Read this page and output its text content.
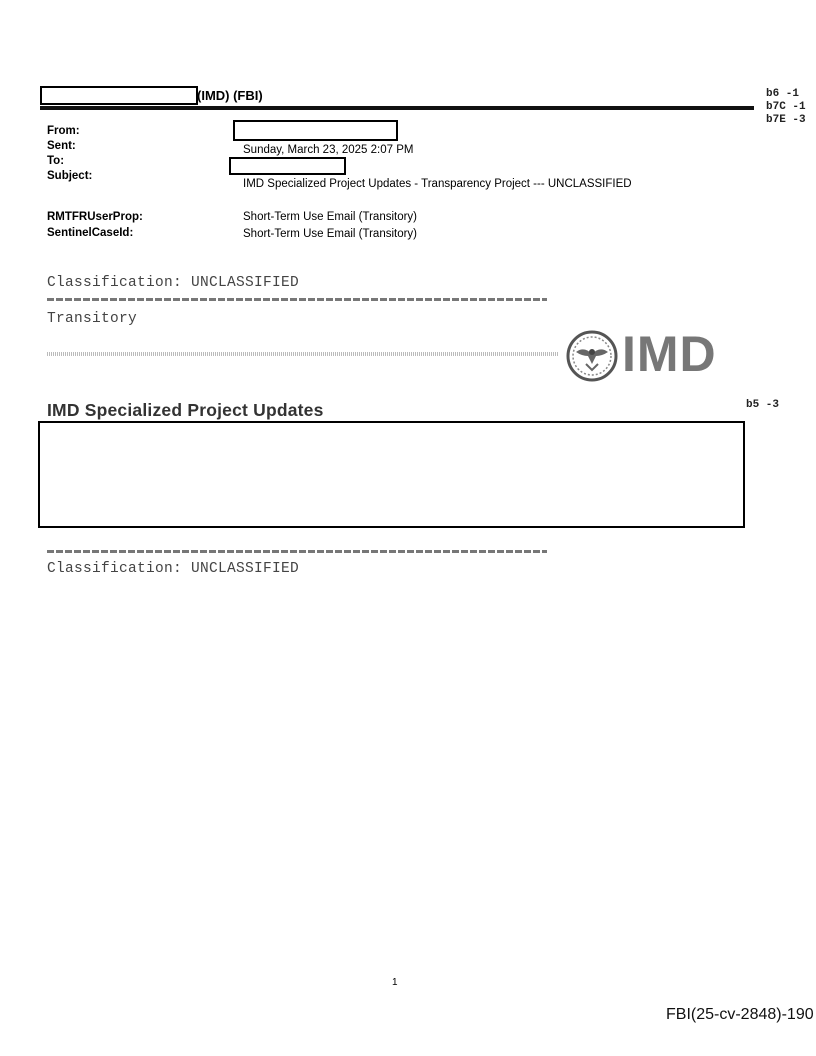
(IMD) (FBI)	b6 -1
b7C -1
b7E -3
From:
Sent:	Sunday, March 23, 2025 2:07 PM
To:
Subject:
IMD Specialized Project Updates - Transparency Project --- UNCLASSIFIED
RMTFRUserProp:	Short-Term Use Email (Transitory)
SentinelCaseId:	Short-Term Use Email (Transitory)
Classification: UNCLASSIFIED
Transitory
IMD
IMD Specialized Project Updates	b5 -3
Classification: UNCLASSIFIED
1
FBI(25-cv-2848)-190
